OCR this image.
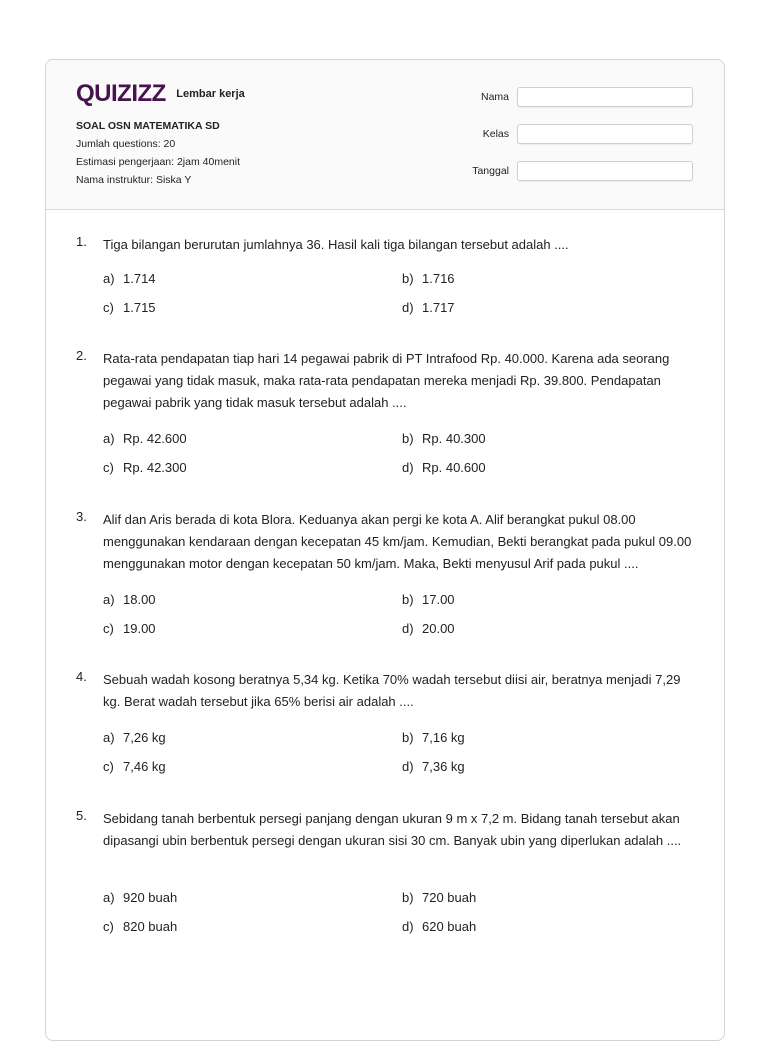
QUIZIZZ Lembar kerja
SOAL OSN MATEMATIKA SD
Jumlah questions: 20
Estimasi pengerjaan: 2jam 40menit
Nama instruktur: Siska Y
Nama
Kelas
Tanggal
1. Tiga bilangan berurutan jumlahnya 36. Hasil kali tiga bilangan tersebut adalah ....
a) 1.714	b) 1.716
c) 1.715	d) 1.717
2. Rata-rata pendapatan tiap hari 14 pegawai pabrik di PT Intrafood Rp. 40.000. Karena ada seorang pegawai yang tidak masuk, maka rata-rata pendapatan mereka menjadi Rp. 39.800. Pendapatan pegawai pabrik yang tidak masuk tersebut adalah ....
a) Rp. 42.600	b) Rp. 40.300
c) Rp. 42.300	d) Rp. 40.600
3. Alif dan Aris berada di kota Blora. Keduanya akan pergi ke kota A. Alif berangkat pukul 08.00 menggunakan kendaraan dengan kecepatan 45 km/jam. Kemudian, Bekti berangkat pada pukul 09.00 menggunakan motor dengan kecepatan 50 km/jam. Maka, Bekti menyusul Arif pada pukul ....
a) 18.00	b) 17.00
c) 19.00	d) 20.00
4. Sebuah wadah kosong beratnya 5,34 kg. Ketika 70% wadah tersebut diisi air, beratnya menjadi 7,29 kg. Berat wadah tersebut jika 65% berisi air adalah ....
a) 7,26 kg	b) 7,16 kg
c) 7,46 kg	d) 7,36 kg
5. Sebidang tanah berbentuk persegi panjang dengan ukuran 9 m x 7,2 m. Bidang tanah tersebut akan dipasangi ubin berbentuk persegi dengan ukuran sisi 30 cm. Banyak ubin yang diperlukan adalah ....
a) 920 buah	b) 720 buah
c) 820 buah	d) 620 buah
